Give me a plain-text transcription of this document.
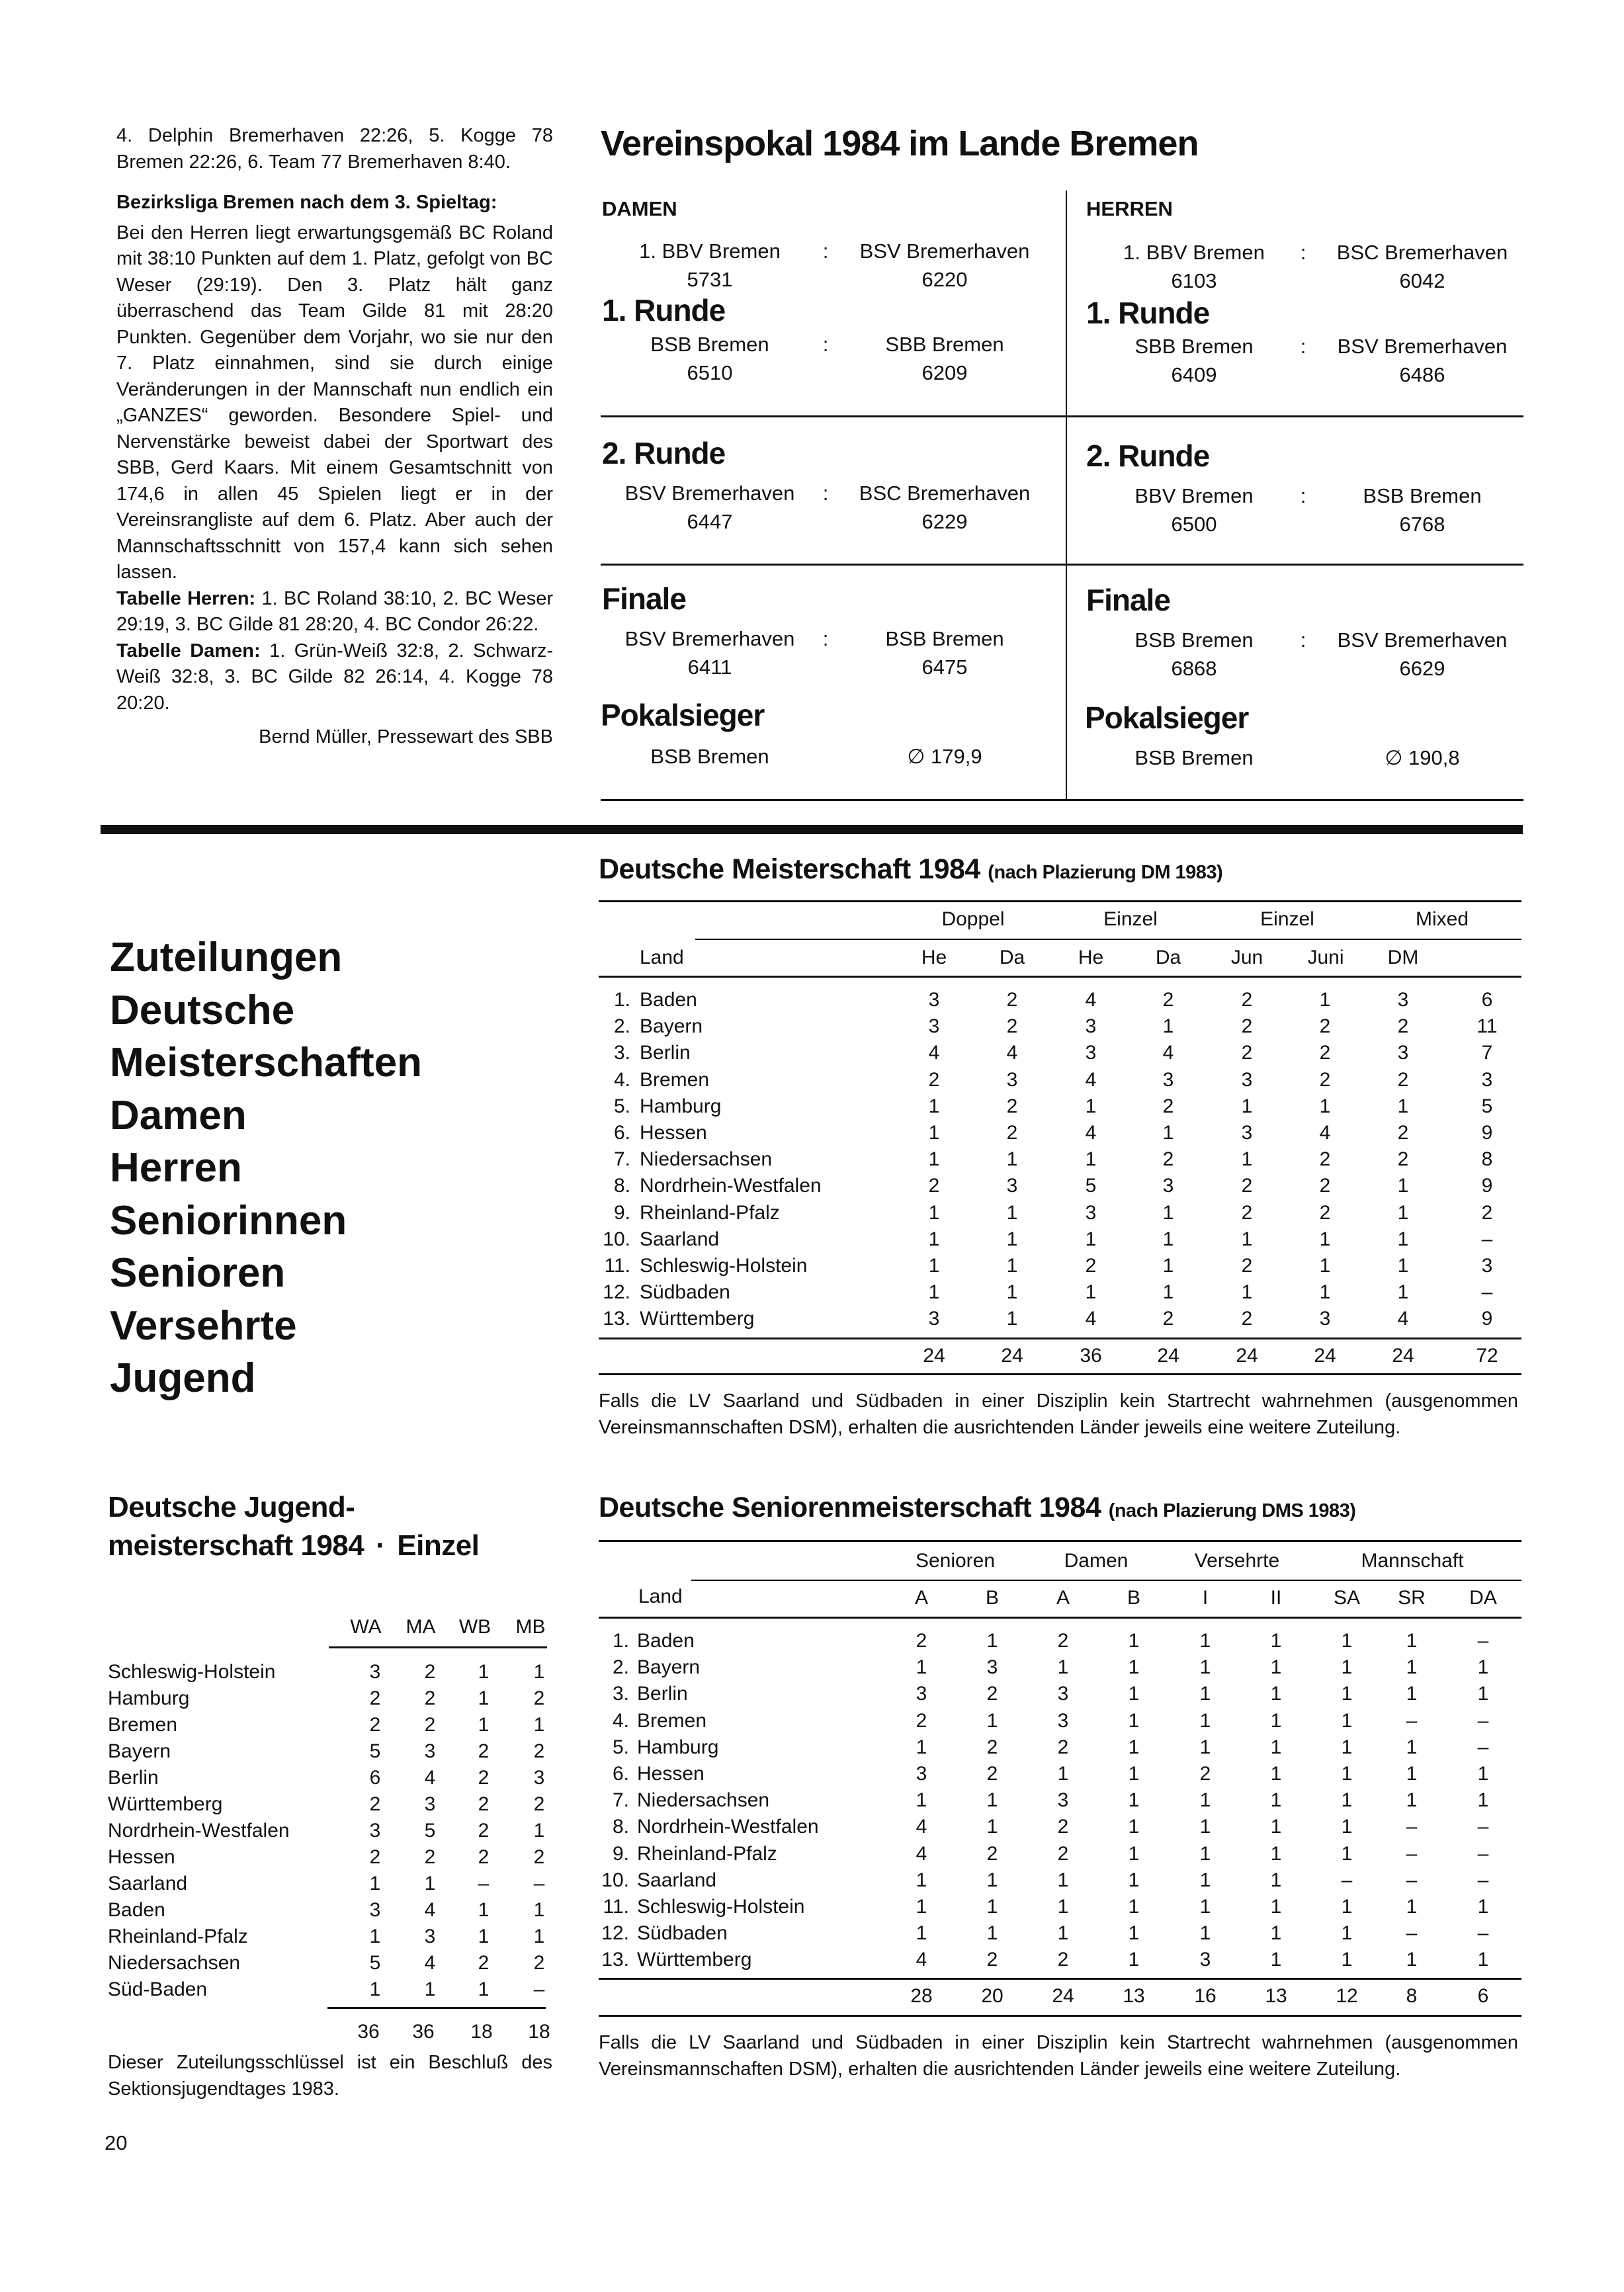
4. Delphin Bremerhaven 22:26, 5. Kogge 78 Bremen 22:26, 6. Team 77 Bremerhaven 8:40.

Bezirksliga Bremen nach dem 3. Spieltag:

Bei den Herren liegt erwartungsgemäß BC Roland mit 38:10 Punkten auf dem 1. Platz, gefolgt von BC Weser (29:19). Den 3. Platz hält ganz überraschend das Team Gilde 81 mit 28:20 Punkten. Gegenüber dem Vorjahr, wo sie nur den 7. Platz einnahmen, sind sie durch einige Veränderungen in der Mannschaft nun endlich ein „GANZES“ geworden. Besondere Spiel- und Nervenstärke beweist dabei der Sportwart des SBB, Gerd Kaars. Mit einem Gesamtschnitt von 174,6 in allen 45 Spielen liegt er in der Vereinsrangliste auf dem 6. Platz. Aber auch der Mannschaftsschnitt von 157,4 kann sich sehen lassen.

Tabelle Herren: 1. BC Roland 38:10, 2. BC Weser 29:19, 3. BC Gilde 81 28:20, 4. BC Condor 26:22.

Tabelle Damen: 1. Grün-Weiß 32:8, 2. Schwarz-Weiß 32:8, 3. BC Gilde 82 26:14, 4. Kogge 78 20:20.

Bernd Müller, Pressewart des SBB

Vereinspokal 1984 im Lande Bremen
DAMEN
1. BBV Bremen	:	BSV Bremerhaven
5731	6220
1. Runde
BSB Bremen	:	SBB Bremen
6510	6209
2. Runde
BSV Bremerhaven	:	BSC Bremerhaven
6447	6229
Finale
BSV Bremerhaven	:	BSB Bremen
6411	6475
Pokalsieger
BSB Bremen	∅ 179,9
HERREN
1. BBV Bremen	:	BSC Bremerhaven
6103	6042
1. Runde
SBB Bremen	:	BSV Bremerhaven
6409	6486
2. Runde
BBV Bremen	:	BSB Bremen
6500	6768
Finale
BSB Bremen	:	BSV Bremerhaven
6868	6629
Pokalsieger
BSB Bremen	∅ 190,8
Zuteilungen
Deutsche
Meisterschaften
Damen
Herren
Seniorinnen
Senioren
Versehrte
Jugend
Deutsche Meisterschaft 1984 (nach Plazierung DM 1983)
Doppel	Einzel	Einzel	Mixed
Land	He	Da	He	Da	Jun	Juni	DM
1. Baden	3	2	4	2	2	1	3	6
2. Bayern	3	2	3	1	2	2	2	11
3. Berlin	4	4	3	4	2	2	3	7
4. Bremen	2	3	4	3	3	2	2	3
5. Hamburg	1	2	1	2	1	1	1	5
6. Hessen	1	2	4	1	3	4	2	9
7. Niedersachsen	1	1	1	2	1	2	2	8
8. Nordrhein-Westfalen	2	3	5	3	2	2	1	9
9. Rheinland-Pfalz	1	1	3	1	2	2	1	2
10. Saarland	1	1	1	1	1	1	1	–
11. Schleswig-Holstein	1	1	2	1	2	1	1	3
12. Südbaden	1	1	1	1	1	1	1	–
13. Württemberg	3	1	4	2	2	3	4	9
24	24	36	24	24	24	24	72
Falls die LV Saarland und Südbaden in einer Disziplin kein Startrecht wahrnehmen (ausgenommen Vereinsmannschaften DSM), erhalten die ausrichtenden Länder jeweils eine weitere Zuteilung.
Deutsche Seniorenmeisterschaft 1984 (nach Plazierung DMS 1983)
Senioren	Damen	Versehrte	Mannschaft
Land	A	B	A	B	I	II	SA	SR	DA
1. Baden	2	1	2	1	1	1	1	1	–
2. Bayern	1	3	1	1	1	1	1	1	1
3. Berlin	3	2	3	1	1	1	1	1	1
4. Bremen	2	1	3	1	1	1	1	–	–
5. Hamburg	1	2	2	1	1	1	1	1	–
6. Hessen	3	2	1	1	2	1	1	1	1
7. Niedersachsen	1	1	3	1	1	1	1	1	1
8. Nordrhein-Westfalen	4	1	2	1	1	1	1	–	–
9. Rheinland-Pfalz	4	2	2	1	1	1	1	–	–
10. Saarland	1	1	1	1	1	1	–	–	–
11. Schleswig-Holstein	1	1	1	1	1	1	1	1	1
12. Südbaden	1	1	1	1	1	1	1	–	–
13. Württemberg	4	2	2	1	3	1	1	1	1
28	20	24	13	16	13	12	8	6
Falls die LV Saarland und Südbaden in einer Disziplin kein Startrecht wahrnehmen (ausgenommen Vereinsmannschaften DSM), erhalten die ausrichtenden Länder jeweils eine weitere Zuteilung.
Deutsche Jugend-
meisterschaft 1984 · Einzel
WA	MA	WB	MB
Schleswig-Holstein	3	2	1	1
Hamburg	2	2	1	2
Bremen	2	2	1	1
Bayern	5	3	2	2
Berlin	6	4	2	3
Württemberg	2	3	2	2
Nordrhein-Westfalen	3	5	2	1
Hessen	2	2	2	2
Saarland	1	1	–	–
Baden	3	4	1	1
Rheinland-Pfalz	1	3	1	1
Niedersachsen	5	4	2	2
Süd-Baden	1	1	1	–
36	36	18	18
Dieser Zuteilungsschlüssel ist ein Beschluß des Sektionsjugendtages 1983.
20
